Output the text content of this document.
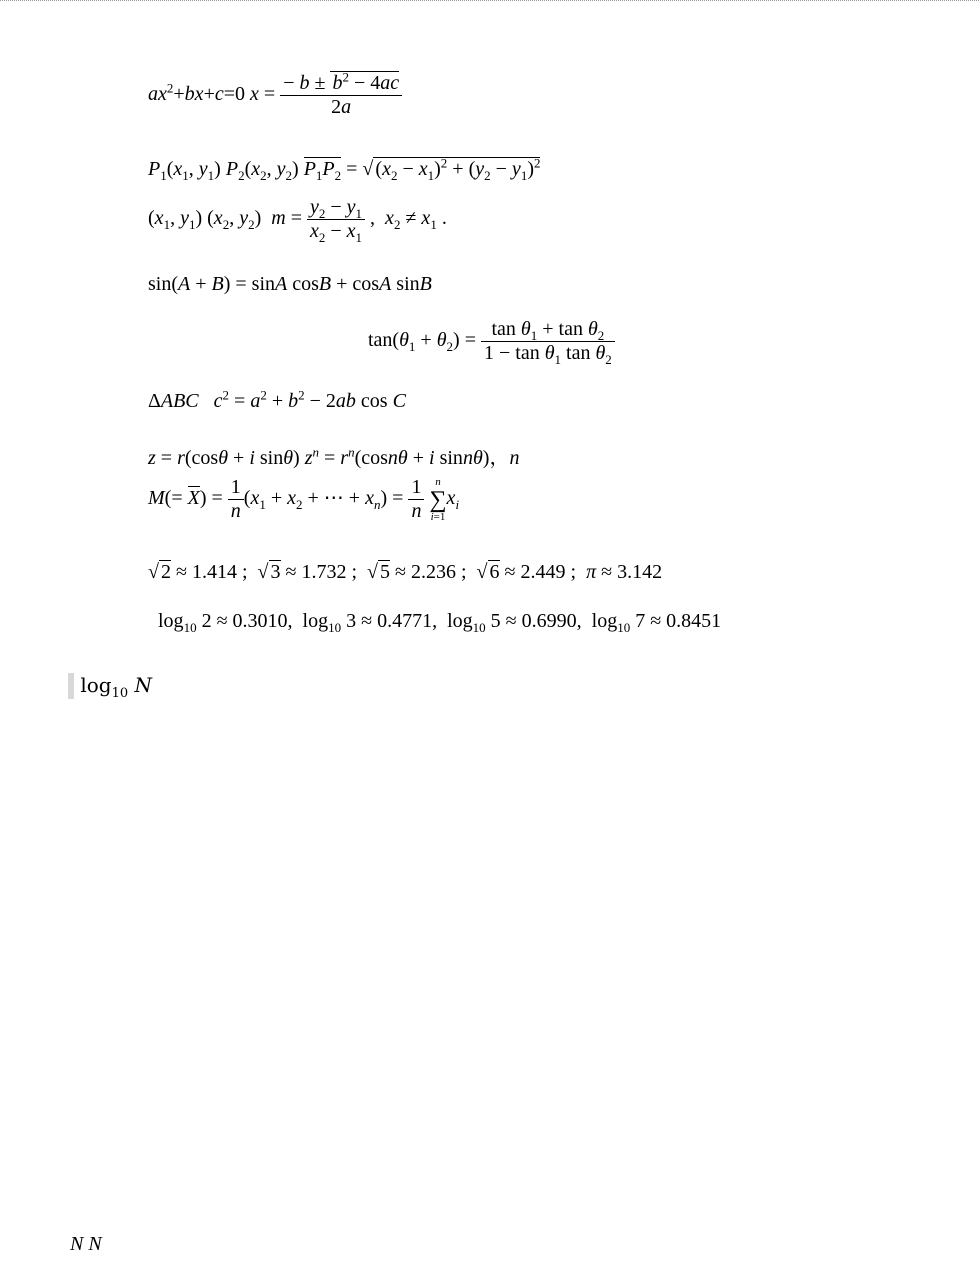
$ax^2+bx+c=0$ $x = \frac{- b \pm b^2 - 4ac}{2a}$
$P_1(x_1$, $y_1$) $P_2(x_2$, $y_2$) $P_1P_2$ = √ $(x_2 - x_1)^2 + (y_2 - y_1)^2$
($x_1$, $y_1$) ($x_2$, $y_2$) $m = \frac{y_2 - y_1}{x_2 - x_1}$ ,  $x_2 \ne x_1$ .
sin(A + B) = sinA cosB + cosA sinB
$\tan(\theta_1 + \theta_2) = \frac{\tan \theta_1 + \tan \theta_2}{1 - \tan \theta_1 \tan \theta_2}$
ΔABC $c^2 = a^2 + b^2 - 2ab$ cos C
z = r(cosθ + i sinθ) $z^n = r^n(\cos n\theta + i$ sinnθ)，n
$M(= X) = \frac{1}{n} (x_1 + x_2$ + ⋯ + $x_n) = \frac{1}{n}$ n
∑
$i=1x_i$
√ 2 ≈ 1.414 ;  √ 3 ≈ 1.732 ;  √ 5 ≈ 2.236 ;  √ 6 ≈ 2.449 ;  π ≈ 3.142
$\log_{10} 2 \approx 0.3010$,  $\log_{10} 3 \approx 0.4771$,  $\log_{10} 5 \approx 0.6990$,  $\log_{10} 7 \approx 0.8451$
$\log_{10} N$
N N
